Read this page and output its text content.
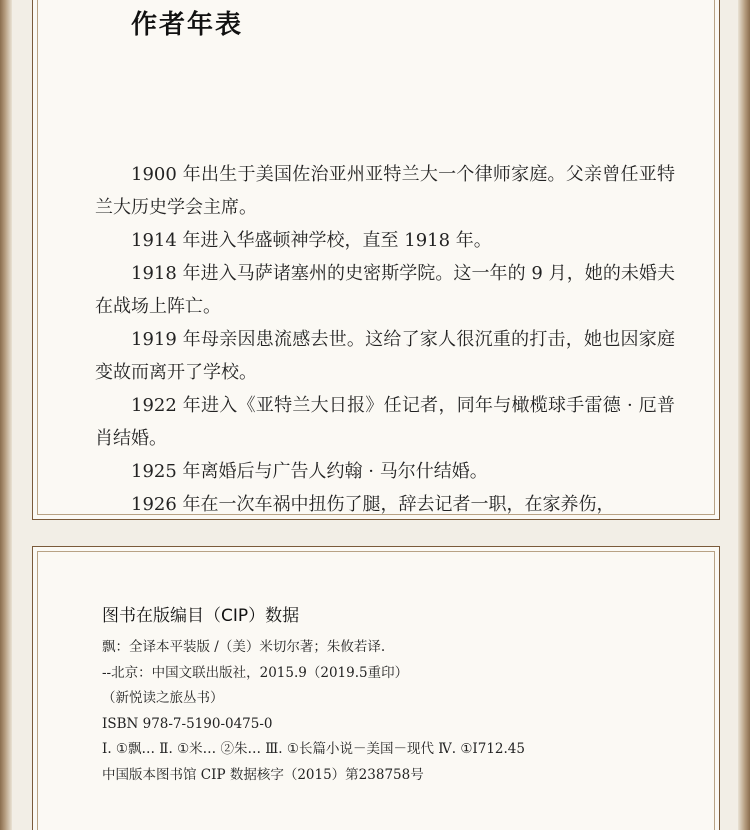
作者年表

1900 年出生于美国佐治亚州亚特兰大一个律师家庭。父亲曾任亚特兰大历史学会主席。

1914 年进入华盛顿神学校，直至 1918 年。

1918 年进入马萨诸塞州的史密斯学院。这一年的 9 月，她的未婚夫在战场上阵亡。

1919 年母亲因患流感去世。这给了家人很沉重的打击，她也因家庭变故而离开了学校。

1922 年进入《亚特兰大日报》任记者，同年与橄榄球手雷德 · 厄普肖结婚。

1925 年离婚后与广告人约翰 · 马尔什结婚。

1926 年在一次车祸中扭伤了腿，辞去记者一职，在家养伤，

图书在版编目（CIP）数据
飘：全译本平装版 /（美）米切尔著；朱攸若译.
--北京：中国文联出版社，2015.9（2019.5重印）
（新悦读之旅丛书）
ISBN 978-7-5190-0475-0
Ⅰ. ①飘… Ⅱ. ①米… ②朱… Ⅲ. ①长篇小说－美国－现代 Ⅳ. ①I712.45
中国版本图书馆 CIP 数据核字（2015）第238758号
